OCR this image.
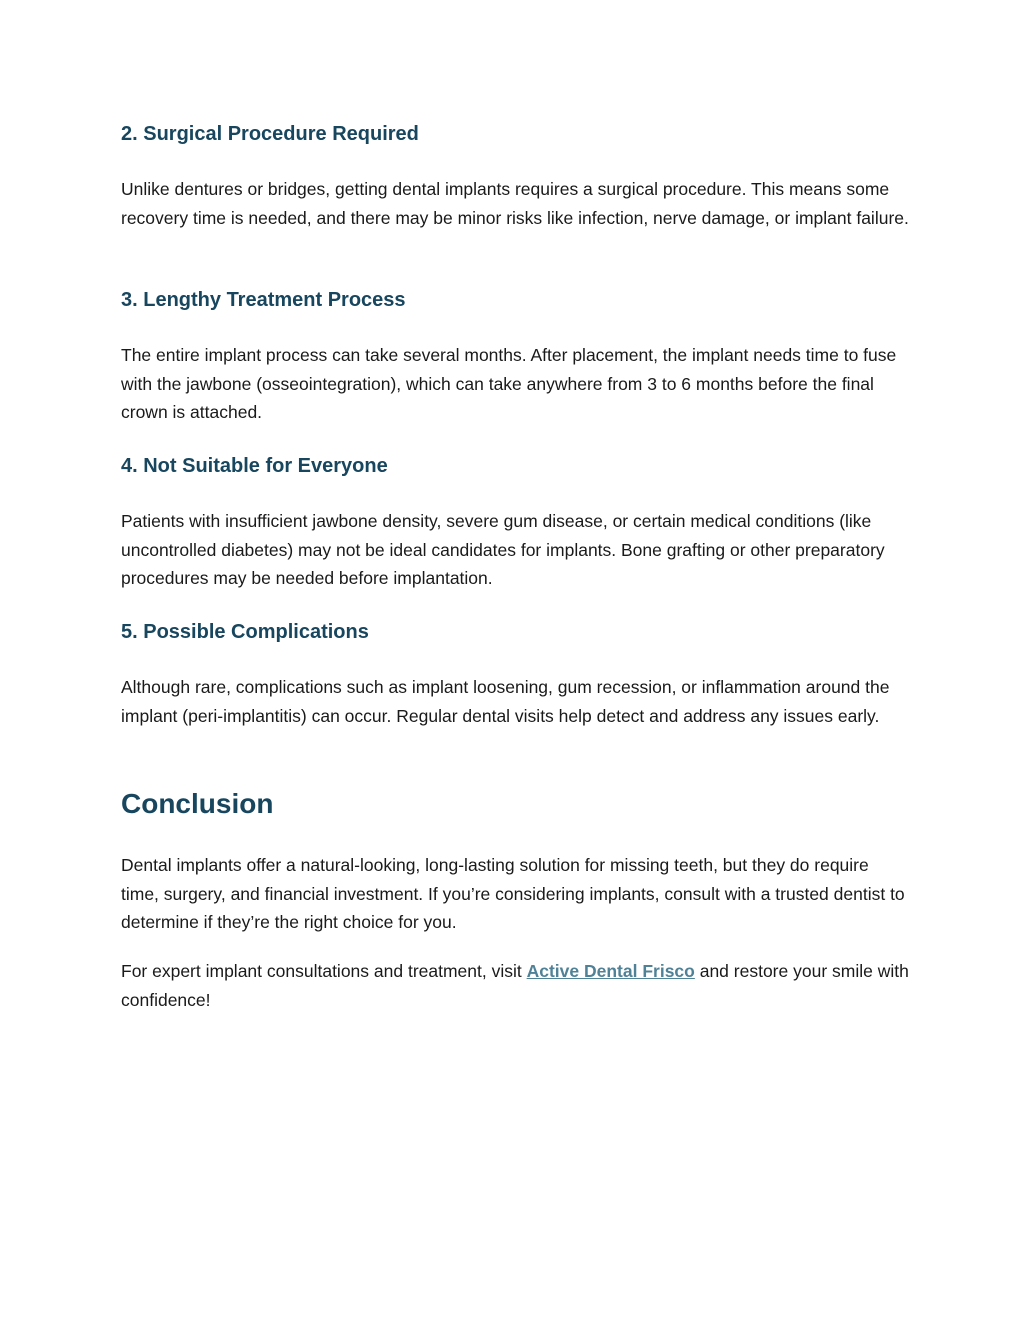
2. Surgical Procedure Required

Unlike dentures or bridges, getting dental implants requires a surgical procedure. This means some recovery time is needed, and there may be minor risks like infection, nerve damage, or implant failure.

3. Lengthy Treatment Process

The entire implant process can take several months. After placement, the implant needs time to fuse with the jawbone (osseointegration), which can take anywhere from 3 to 6 months before the final crown is attached.

4. Not Suitable for Everyone

Patients with insufficient jawbone density, severe gum disease, or certain medical conditions (like uncontrolled diabetes) may not be ideal candidates for implants. Bone grafting or other preparatory procedures may be needed before implantation.

5. Possible Complications

Although rare, complications such as implant loosening, gum recession, or inflammation around the implant (peri-implantitis) can occur. Regular dental visits help detect and address any issues early.

Conclusion

Dental implants offer a natural-looking, long-lasting solution for missing teeth, but they do require time, surgery, and financial investment. If you’re considering implants, consult with a trusted dentist to determine if they’re the right choice for you.

For expert implant consultations and treatment, visit Active Dental Frisco and restore your smile with confidence!
